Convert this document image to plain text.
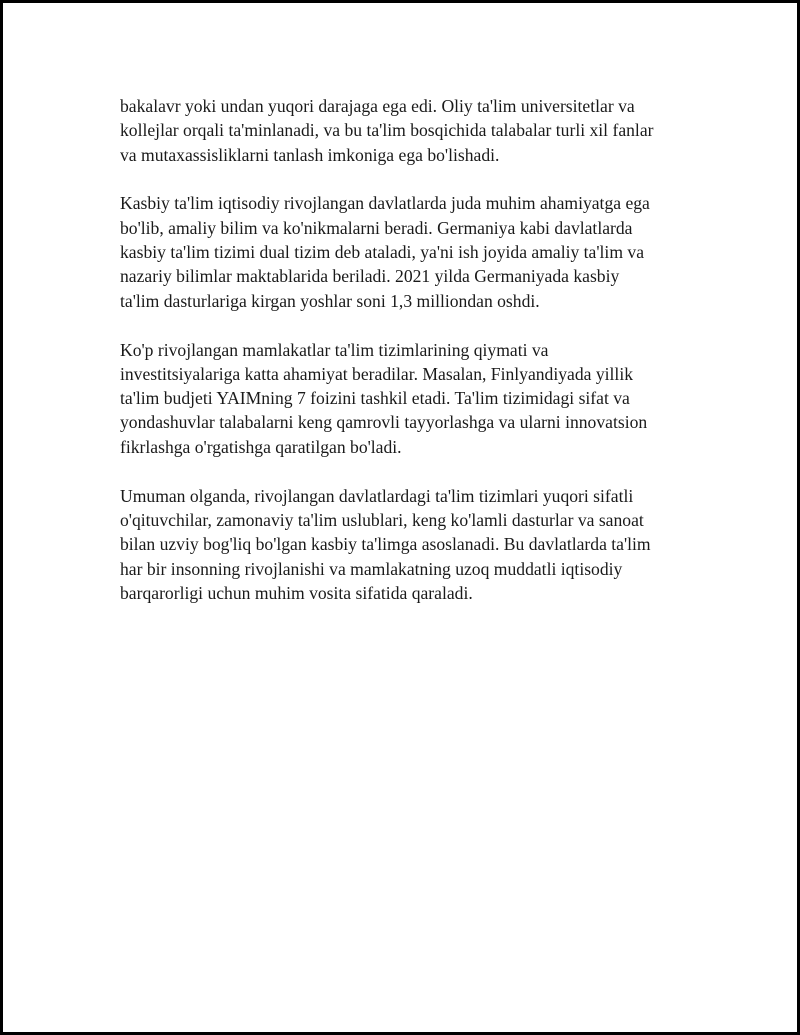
bakalavr yoki undan yuqori darajaga ega edi. Oliy ta'lim universitetlar va
kollejlar orqali ta'minlanadi, va bu ta'lim bosqichida talabalar turli xil fanlar
va mutaxassisliklarni tanlash imkoniga ega bo'lishadi.

Kasbiy ta'lim iqtisodiy rivojlangan davlatlarda juda muhim ahamiyatga ega
bo'lib, amaliy bilim va ko'nikmalarni beradi. Germaniya kabi davlatlarda
kasbiy ta'lim tizimi dual tizim deb ataladi, ya'ni ish joyida amaliy ta'lim va
nazariy bilimlar maktablarida beriladi. 2021 yilda Germaniyada kasbiy
ta'lim dasturlariga kirgan yoshlar soni 1,3 milliondan oshdi.

Ko'p rivojlangan mamlakatlar ta'lim tizimlarining qiymati va
investitsiyalariga katta ahamiyat beradilar. Masalan, Finlyandiyada yillik
ta'lim budjeti YAIMning 7 foizini tashkil etadi. Ta'lim tizimidagi sifat va
yondashuvlar talabalarni keng qamrovli tayyorlashga va ularni innovatsion
fikrlashga o'rgatishga qaratilgan bo'ladi.

Umuman olganda, rivojlangan davlatlardagi ta'lim tizimlari yuqori sifatli
o'qituvchilar, zamonaviy ta'lim uslublari, keng ko'lamli dasturlar va sanoat
bilan uzviy bog'liq bo'lgan kasbiy ta'limga asoslanadi. Bu davlatlarda ta'lim
har bir insonning rivojlanishi va mamlakatning uzoq muddatli iqtisodiy
barqarorligi uchun muhim vosita sifatida qaraladi.
